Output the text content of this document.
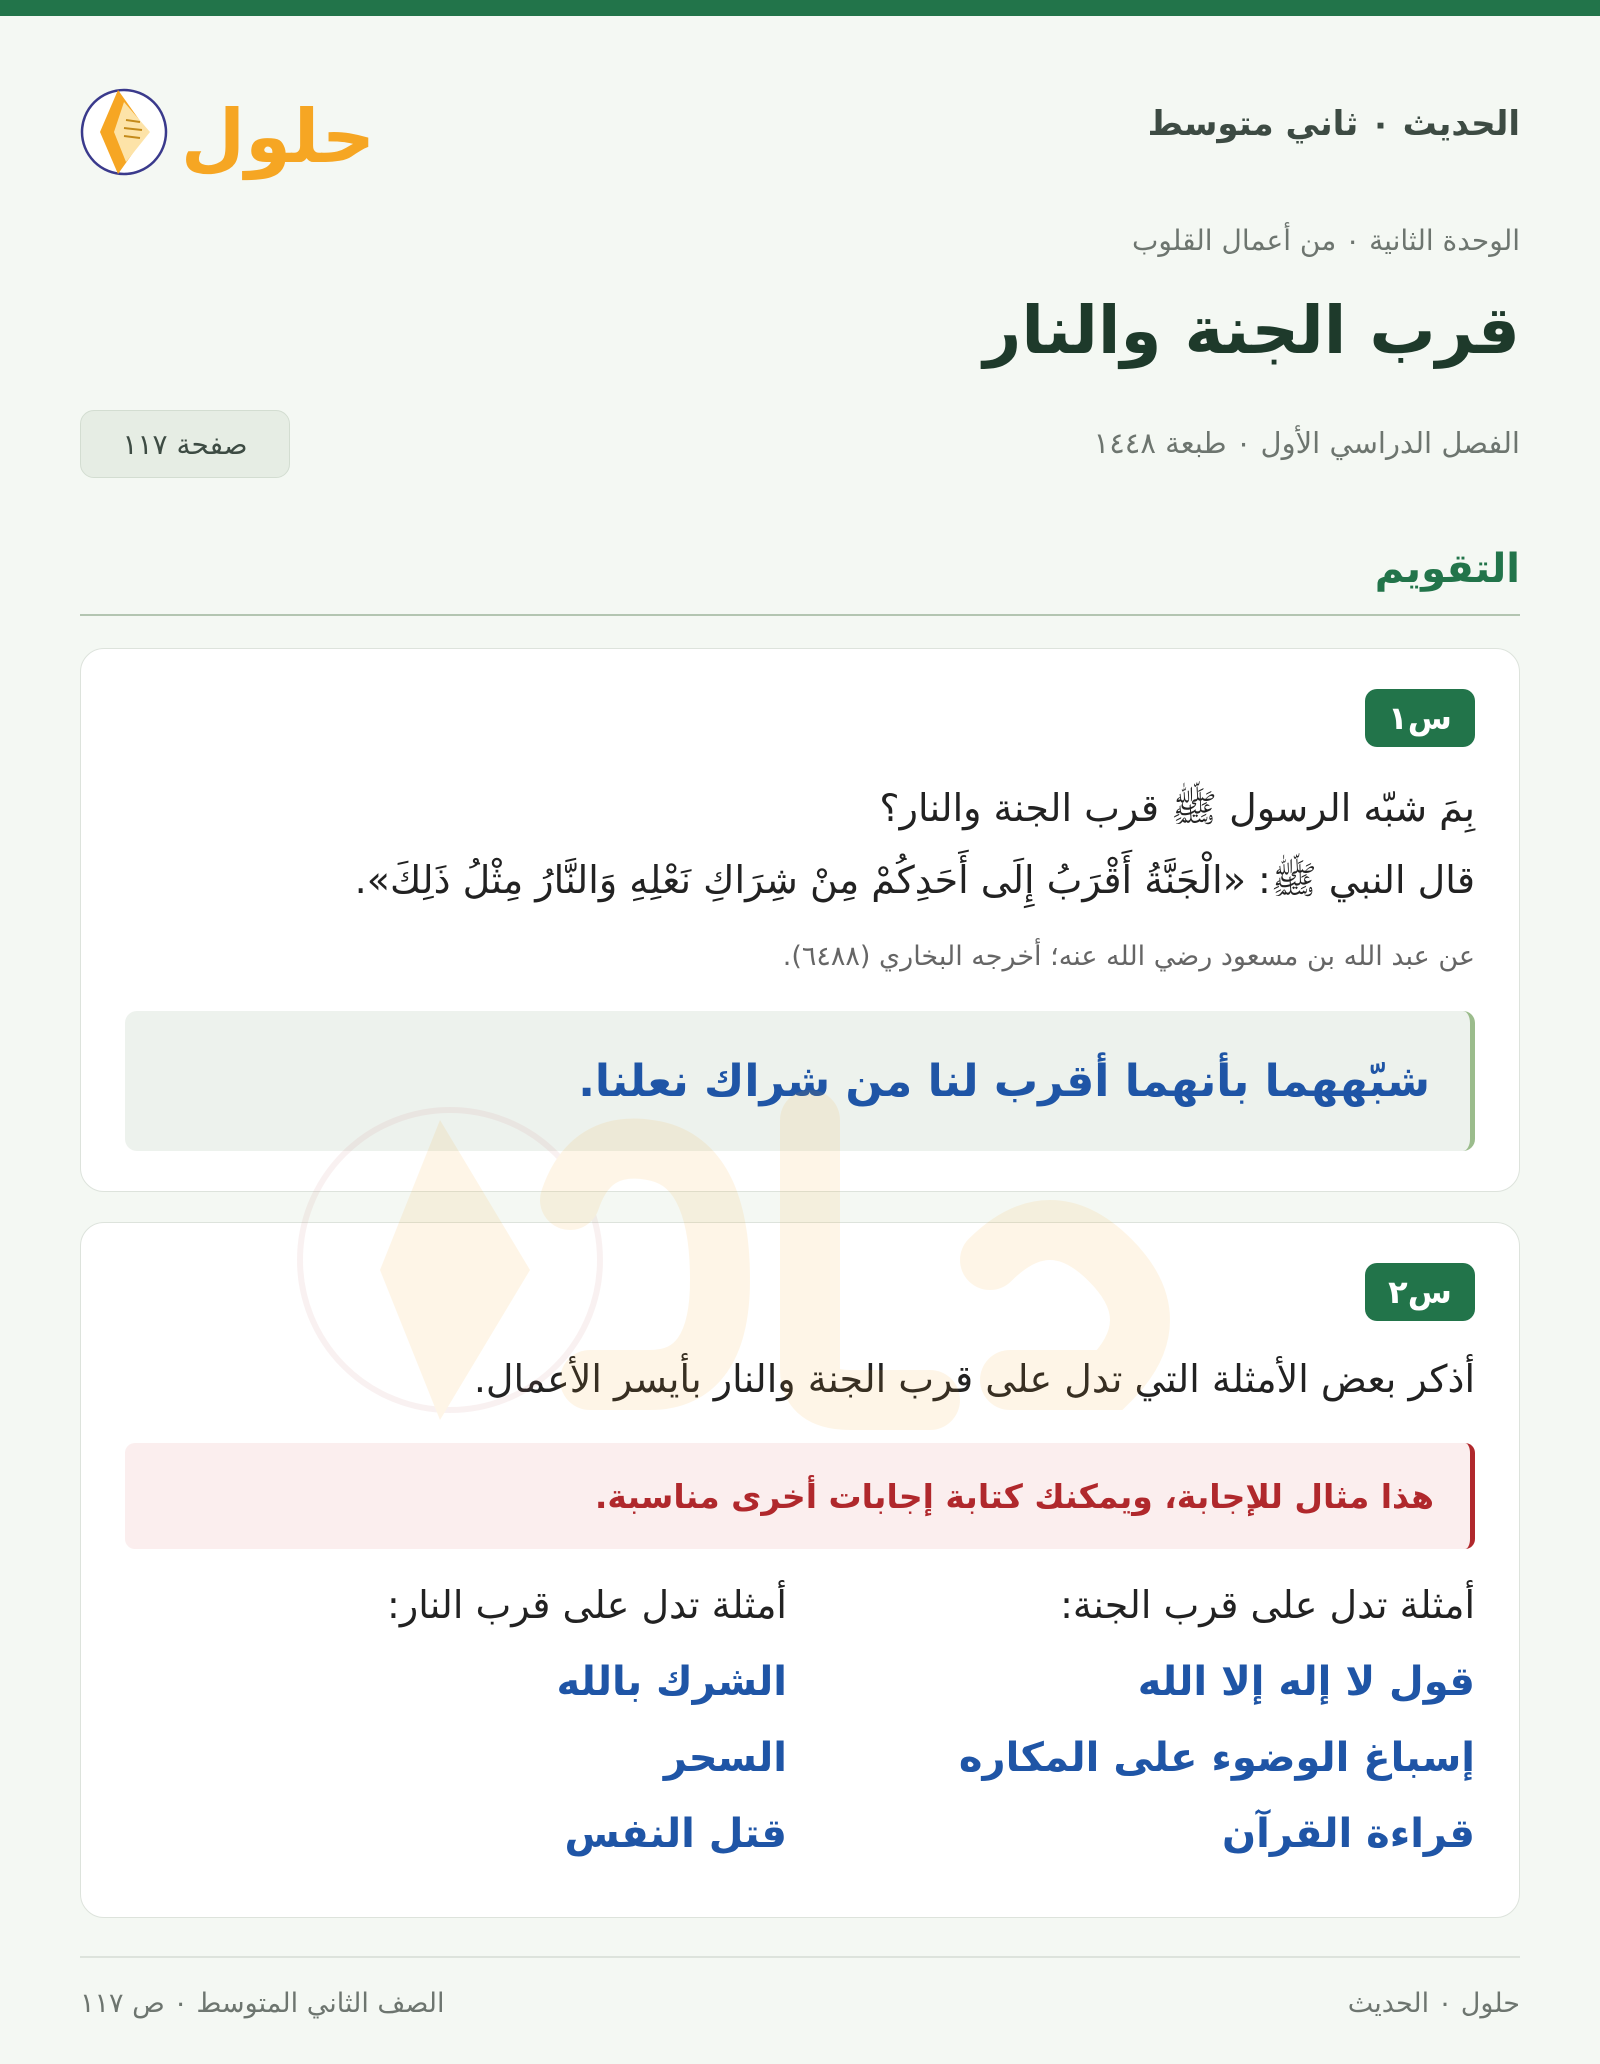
حلول	الحديث ٠ ثاني متوسط
الوحدة الثانية ٠ من أعمال القلوب
قرب الجنة والنار
الفصل الدراسي الأول ٠ طبعة ١٤٤٨
صفحة ١١٧
التقويم
س١
بِمَ شبّه الرسول ﷺ قرب الجنة والنار؟
قال النبي ﷺ: «الْجَنَّةُ أَقْرَبُ إِلَى أَحَدِكُمْ مِنْ شِرَاكِ نَعْلِهِ وَالنَّارُ مِثْلُ ذَلِكَ».
عن عبد الله بن مسعود رضي الله عنه؛ أخرجه البخاري (٦٤٨٨).
شبّههما بأنهما أقرب لنا من شراك نعلنا.
س٢
أذكر بعض الأمثلة التي تدل على قرب الجنة والنار بأيسر الأعمال.
هذا مثال للإجابة، ويمكنك كتابة إجابات أخرى مناسبة.
أمثلة تدل على قرب الجنة:
قول لا إله إلا الله
إسباغ الوضوء على المكاره
قراءة القرآن
أمثلة تدل على قرب النار:
الشرك بالله
السحر
قتل النفس
حلول ٠ الحديث
الصف الثاني المتوسط ٠ ص ١١٧
